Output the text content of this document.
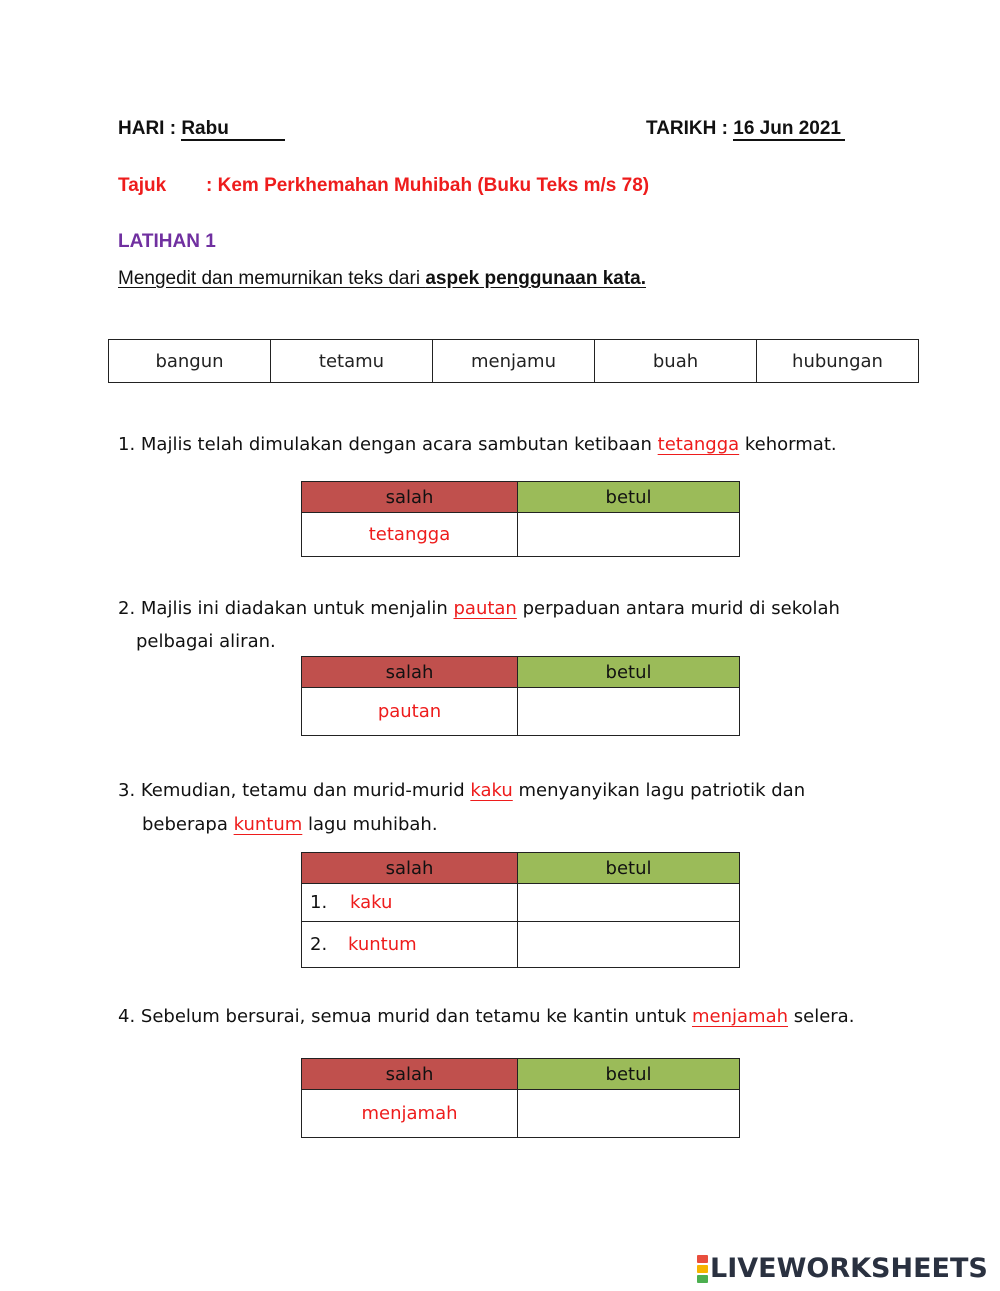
HARI : Rabu	TARIKH : 16 Jun 2021
Tajuk : Kem Perkhemahan Muhibah (Buku Teks m/s 78)
LATIHAN 1
Mengedit dan memurnikan teks dari aspek penggunaan kata.
bangun	tetamu	menjamu	buah	hubungan
1. Majlis telah dimulakan dengan acara sambutan ketibaan tetangga kehormat.
salah	betul
tetangga	
2. Majlis ini diadakan untuk menjalin pautan perpaduan antara murid di sekolah
pelbagai aliran.
salah	betul
pautan	
3. Kemudian, tetamu dan murid-murid kaku menyanyikan lagu patriotik dan
beberapa kuntum lagu muhibah.
salah	betul
1. kaku	
2. kuntum	
4. Sebelum bersurai, semua murid dan tetamu ke kantin untuk menjamah selera.
salah	betul
menjamah	
LIVEWORKSHEETS
